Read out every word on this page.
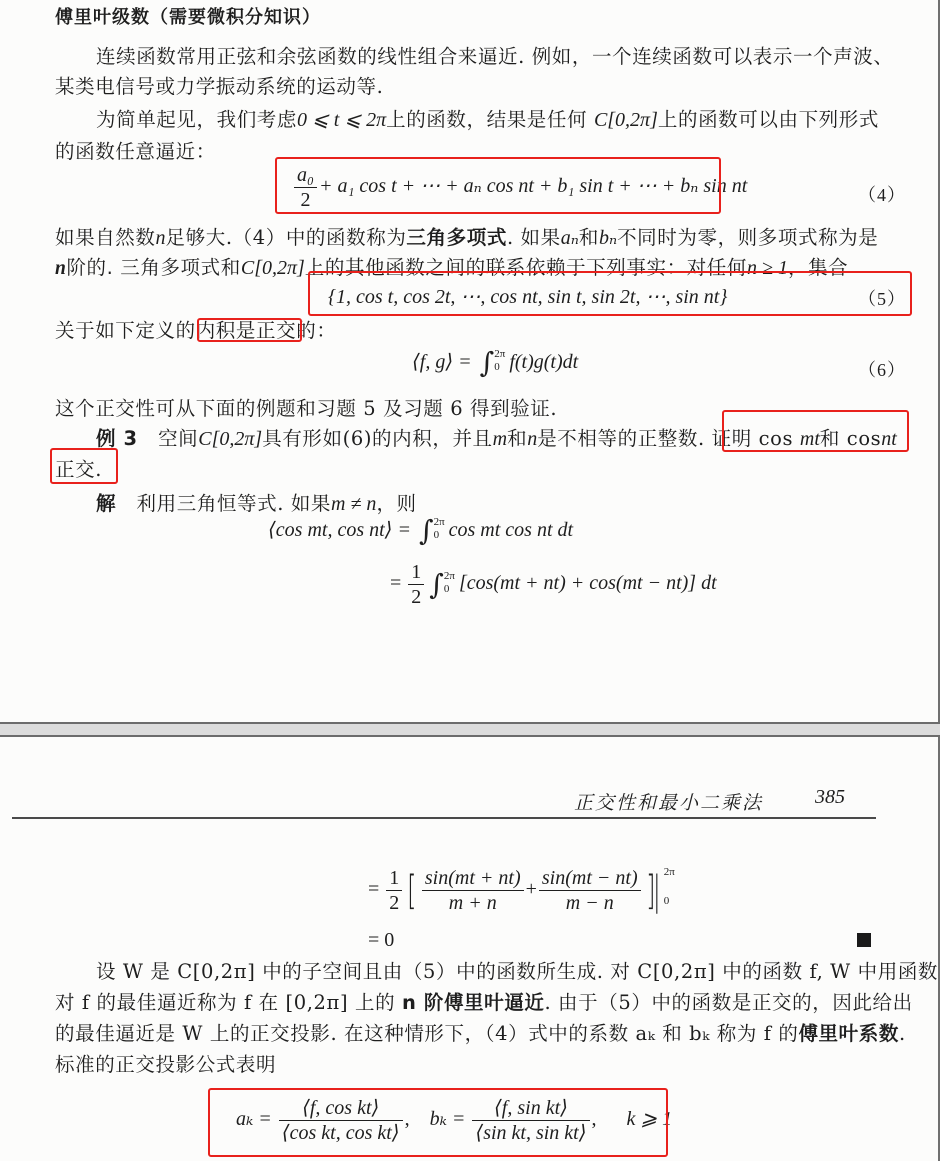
傅里叶级数（需要微积分知识）
连续函数常用正弦和余弦函数的线性组合来逼近. 例如，一个连续函数可以表示一个声波、
某类电信号或力学振动系统的运动等.
为简单起见，我们考虑0 ⩽ t ⩽ 2π上的函数，结果是任何 C[0,2π]上的函数可以由下列形式
的函数任意逼近：
$\frac{\text{a₀}}{2} + a_1$ cos t + ⋯ + aₙ cos nt + b₁ sin t + ⋯ + bₙ sin nt	（4）
如果自然数n足够大.（4）中的函数称为三角多项式. 如果aₙ和bₙ不同时为零，则多项式称为是
n阶的. 三角多项式和C[0,2π]上的其他函数之间的联系依赖于下列事实：对任何n ≥ 1，集合
{1, cos t, cos 2t, ⋯, cos nt, sin t, sin 2t, ⋯, sin nt}	（5）
关于如下定义的内积是正交的：
⟨f, g⟩ = ∫ 2π
0 f(t)g(t)dt	（6）
这个正交性可从下面的例题和习题 5 及习题 6 得到验证.
例 3 空间C[0,2π]具有形如(6)的内积，并且m和n是不相等的正整数. 证明 cos mt和 cosnt
正交.
解 利用三角恒等式. 如果m ≠ n，则
⟨cos mt, cos nt⟩ = ∫ 2π
0 cos mt cos nt dt
= $\frac{1}{2}$ ∫ 2π
0 [cos(mt + nt) + cos(mt − nt)] dt
正交性和最小二乘法	385
= $\frac{1}{2}$ [ $\frac{\sin(mt + nt)}{m + n} + \frac{\sin(mt - nt)}{m - n}$ ]| 2π
0
= 0
设 W 是 C[0,2π] 中的子空间且由（5）中的函数所生成. 对 C[0,2π] 中的函数 f, W 中用函数
对 f 的最佳逼近称为 f 在 [0,2π] 上的 n 阶傅里叶逼近. 由于（5）中的函数是正交的，因此给出
的最佳逼近是 W 上的正交投影. 在这种情形下，（4）式中的系数 aₖ 和 bₖ 称为 f 的傅里叶系数.
标准的正交投影公式表明
$a_k = \frac{\text{⟨f, cos kt⟩}}{\text{⟨cos kt, cos kt⟩}}$ , $b_k = \frac{\text{⟨f, sin kt⟩}}{\text{⟨sin kt, sin kt⟩}}$ , k ⩾ 1
